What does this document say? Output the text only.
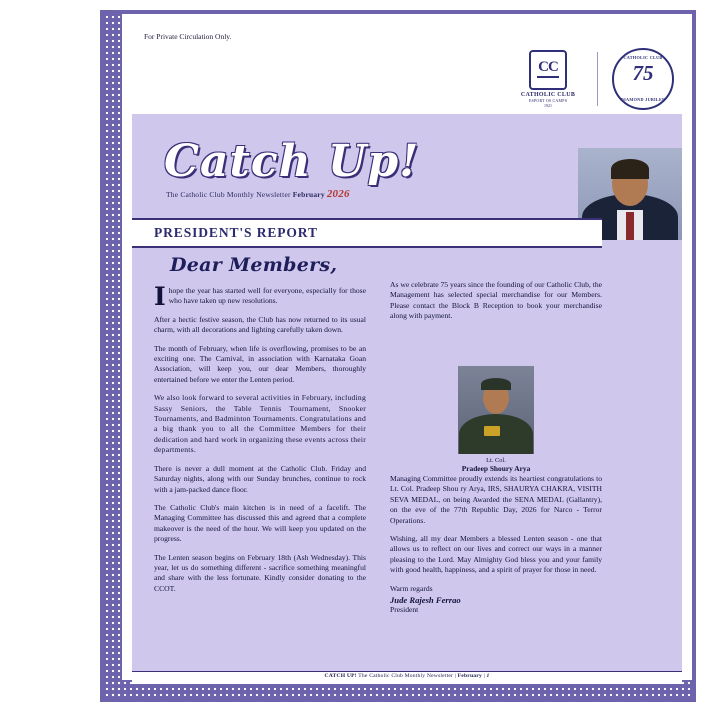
For Private Circulation Only.
CC
CATHOLIC CLUB
ESPORT OS CAMPS
1921
CATHOLIC CLUB
75
DIAMOND JUBILEE
Catch Up!
The Catholic Club Monthly Newsletter February 2026
PRESIDENT'S REPORT
Dear Members,

Ihope the year has started well for everyone, especially for those who have taken up new resolutions.

After a hectic festive season, the Club has now returned to its usual charm, with all decorations and lighting carefully taken down.

The month of February, when life is overflowing, promises to be an exciting one. The Carnival, in association with Karnataka Goan Association, will keep you, our dear Members, thoroughly entertained before we enter the Lenten period.

We also look forward to several activities in February, including Sassy Seniors, the Table Tennis Tournament, Snooker Tournaments, and Badminton Tournaments. Congratulations and a big thank you to all the Committee Members for their dedication and hard work in organizing these events across their departments.

There is never a dull moment at the Catholic Club. Friday and Saturday nights, along with our Sunday brunches, continue to rock with a jam-packed dance floor.

The Catholic Club's main kitchen is in need of a facelift. The Managing Committee has discussed this and agreed that a complete makeover is the need of the hour. We will keep you updated on the progress.

The Lenten season begins on February 18th (Ash Wednesday). This year, let us do something different - sacrifice something meaningful and share with the less fortunate. Kindly consider donating to the CCOT.

As we celebrate 75 years since the founding of our Catholic Club, the Management has selected special merchandise for our Members. Please contact the Block B Reception to book your merchandise along with payment.

Lt. Col.
Pradeep Shoury Arya

Managing Committee proudly extends its heartiest congratulations to Lt. Col. Pradeep Shou ry Arya, IRS, SHAURYA CHAKRA, VISITH SEVA MEDAL, on being Awarded the SENA MEDAL (Gallantry), on the eve of the 77th Republic Day, 2026 for Narco - Terror Operations.

Wishing, all my dear Members a blessed Lenten season - one that allows us to reflect on our lives and correct our ways in a manner pleasing to the Lord. May Almighty God bless you and your family with good health, happiness, and a spirit of prayer for those in need.

Warm regards

Jude Rajesh Ferrao
President
CATCH UP! The Catholic Club Monthly Newsletter | February | 1
